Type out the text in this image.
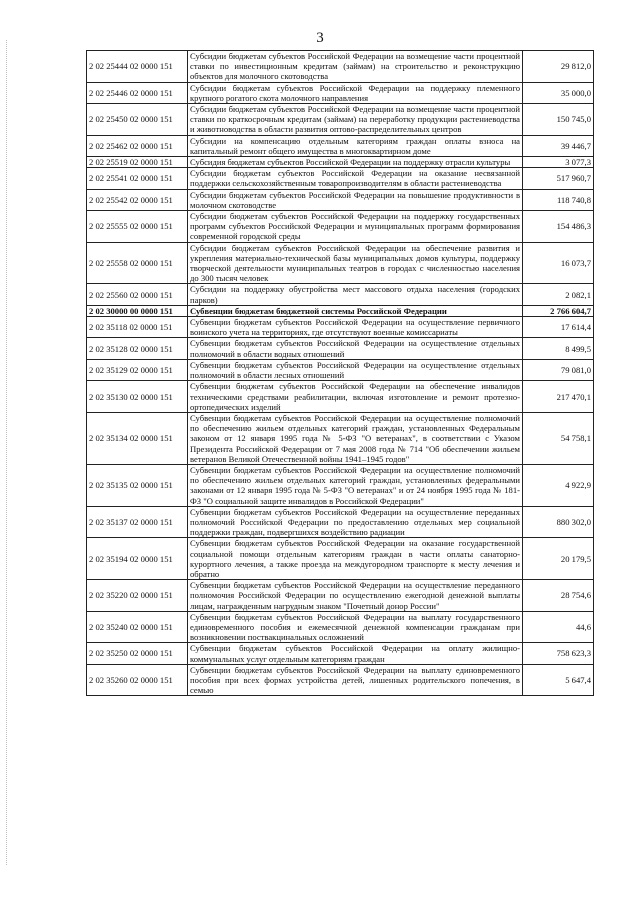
3
2 02 25444 02 0000 151	Субсидии бюджетам субъектов Российской Федерации на возмещение части процентной ставки по инвестиционным кредитам (займам) на строительство и реконструкцию объектов для молочного скотоводства	29 812,0
2 02 25446 02 0000 151	Субсидии бюджетам субъектов Российской Федерации на поддержку племенного крупного рогатого скота молочного направления	35 000,0
2 02 25450 02 0000 151	Субсидии бюджетам субъектов Российской Федерации на возмещение части процентной ставки по краткосрочным кредитам (займам) на переработку продукции растениеводства и животноводства в области развития оптово-распределительных центров	150 745,0
2 02 25462 02 0000 151	Субсидии на компенсацию отдельным категориям граждан оплаты взноса на капитальный ремонт общего имущества в многоквартирном доме	39 446,7
2 02 25519 02 0000 151	Субсидия бюджетам субъектов Российской Федерации на поддержку отрасли культуры	3 077,3
2 02 25541 02 0000 151	Субсидии бюджетам субъектов Российской Федерации на оказание несвязанной поддержки сельскохозяйственным товаропроизводителям в области растениеводства	517 960,7
2 02 25542 02 0000 151	Субсидии бюджетам субъектов Российской Федерации на повышение продуктивности в молочном скотоводстве	118 740,8
2 02 25555 02 0000 151	Субсидии бюджетам субъектов Российской Федерации на поддержку государственных программ субъектов Российской Федерации и муниципальных программ формирования современной городской среды	154 486,3
2 02 25558 02 0000 151	Субсидии бюджетам субъектов Российской Федерации на обеспечение развития и укрепления материально-технической базы муниципальных домов культуры, поддержку творческой деятельности муниципальных театров в городах с численностью населения до 300 тысяч человек	16 073,7
2 02 25560 02 0000 151	Субсидии на поддержку обустройства мест массового отдыха населения (городских парков)	2 082,1
2 02 30000 00 0000 151	Субвенции бюджетам бюджетной системы Российской Федерации	2 766 604,7
2 02 35118 02 0000 151	Субвенции бюджетам субъектов Российской Федерации на осуществление первичного воинского учета на территориях, где отсутствуют военные комиссариаты	17 614,4
2 02 35128 02 0000 151	Субвенции бюджетам субъектов Российской Федерации на осуществление отдельных полномочий в области водных отношений	8 499,5
2 02 35129 02 0000 151	Субвенции бюджетам субъектов Российской Федерации на осуществление отдельных полномочий в области лесных отношений	79 081,0
2 02 35130 02 0000 151	Субвенции бюджетам субъектов Российской Федерации на обеспечение инвалидов техническими средствами реабилитации, включая изготовление и ремонт протезно-ортопедических изделий	217 470,1
2 02 35134 02 0000 151	Субвенции бюджетам субъектов Российской Федерации на осуществление полномочий по обеспечению жильем отдельных категорий граждан, установленных Федеральным законом от 12 января 1995 года № 5-ФЗ "О ветеранах", в соответствии с Указом Президента Российской Федерации от 7 мая 2008 года № 714 "Об обеспечении жильем ветеранов Великой Отечественной войны 1941–1945 годов"	54 758,1
2 02 35135 02 0000 151	Субвенции бюджетам субъектов Российской Федерации на осуществление полномочий по обеспечению жильем отдельных категорий граждан, установленных федеральными законами от 12 января 1995 года № 5-ФЗ "О ветеранах" и от 24 ноября 1995 года № 181-ФЗ "О социальной защите инвалидов в Российской Федерации"	4 922,9
2 02 35137 02 0000 151	Субвенции бюджетам субъектов Российской Федерации на осуществление переданных полномочий Российской Федерации по предоставлению отдельных мер социальной поддержки граждан, подвергшихся воздействию радиации	880 302,0
2 02 35194 02 0000 151	Субвенции бюджетам субъектов Российской Федерации на оказание государственной социальной помощи отдельным категориям граждан в части оплаты санаторно-курортного лечения, а также проезда на междугородном транспорте к месту лечения и обратно	20 179,5
2 02 35220 02 0000 151	Субвенции бюджетам субъектов Российской Федерации на осуществление переданного полномочия Российской Федерации по осуществлению ежегодной денежной выплаты лицам, награжденным нагрудным знаком "Почетный донор России"	28 754,6
2 02 35240 02 0000 151	Субвенции бюджетам субъектов Российской Федерации на выплату государственного единовременного пособия и ежемесячной денежной компенсации гражданам при возникновении поствакцинальных осложнений	44,6
2 02 35250 02 0000 151	Субвенции бюджетам субъектов Российской Федерации на оплату жилищно-коммунальных услуг отдельным категориям граждан	758 623,3
2 02 35260 02 0000 151	Субвенции бюджетам субъектов Российской Федерации на выплату единовременного пособия при всех формах устройства детей, лишенных родительского попечения, в семью	5 647,4
